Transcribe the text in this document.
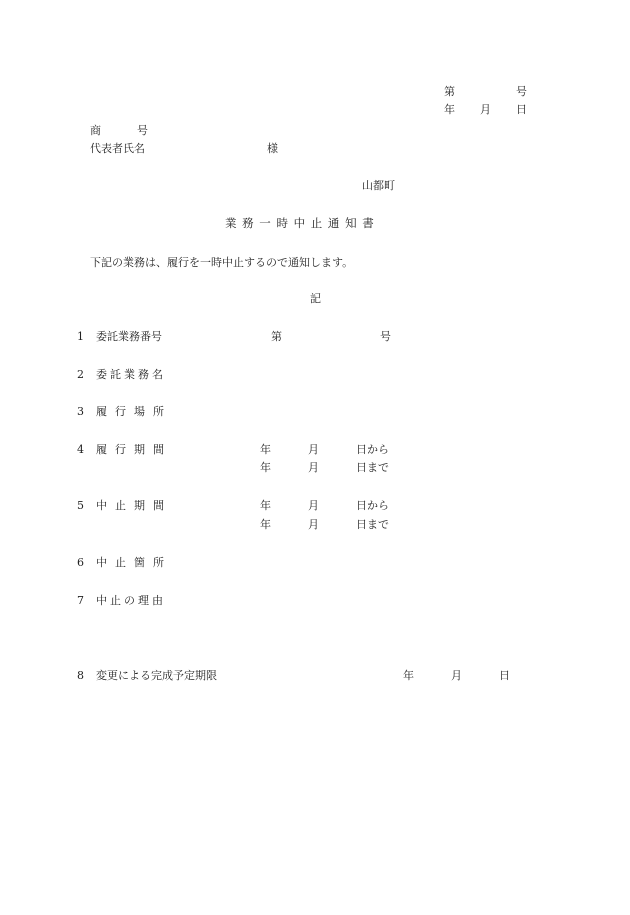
第	号
年 月 日
商	号
代表者氏名	様
山都町
業 務 一 時 中 止 通 知 書
下記の業務は、履行を一時中止するので通知します。
記
1 委託業務番号	第	号
2 委託業務名
3 履行場所
4 履行期間	年	月	日から
年	月	日まで
5 中止期間	年	月	日から
年	月	日まで
6 中止箇所
7 中止の理由
8 変更による完成予定期限	年	月	日
